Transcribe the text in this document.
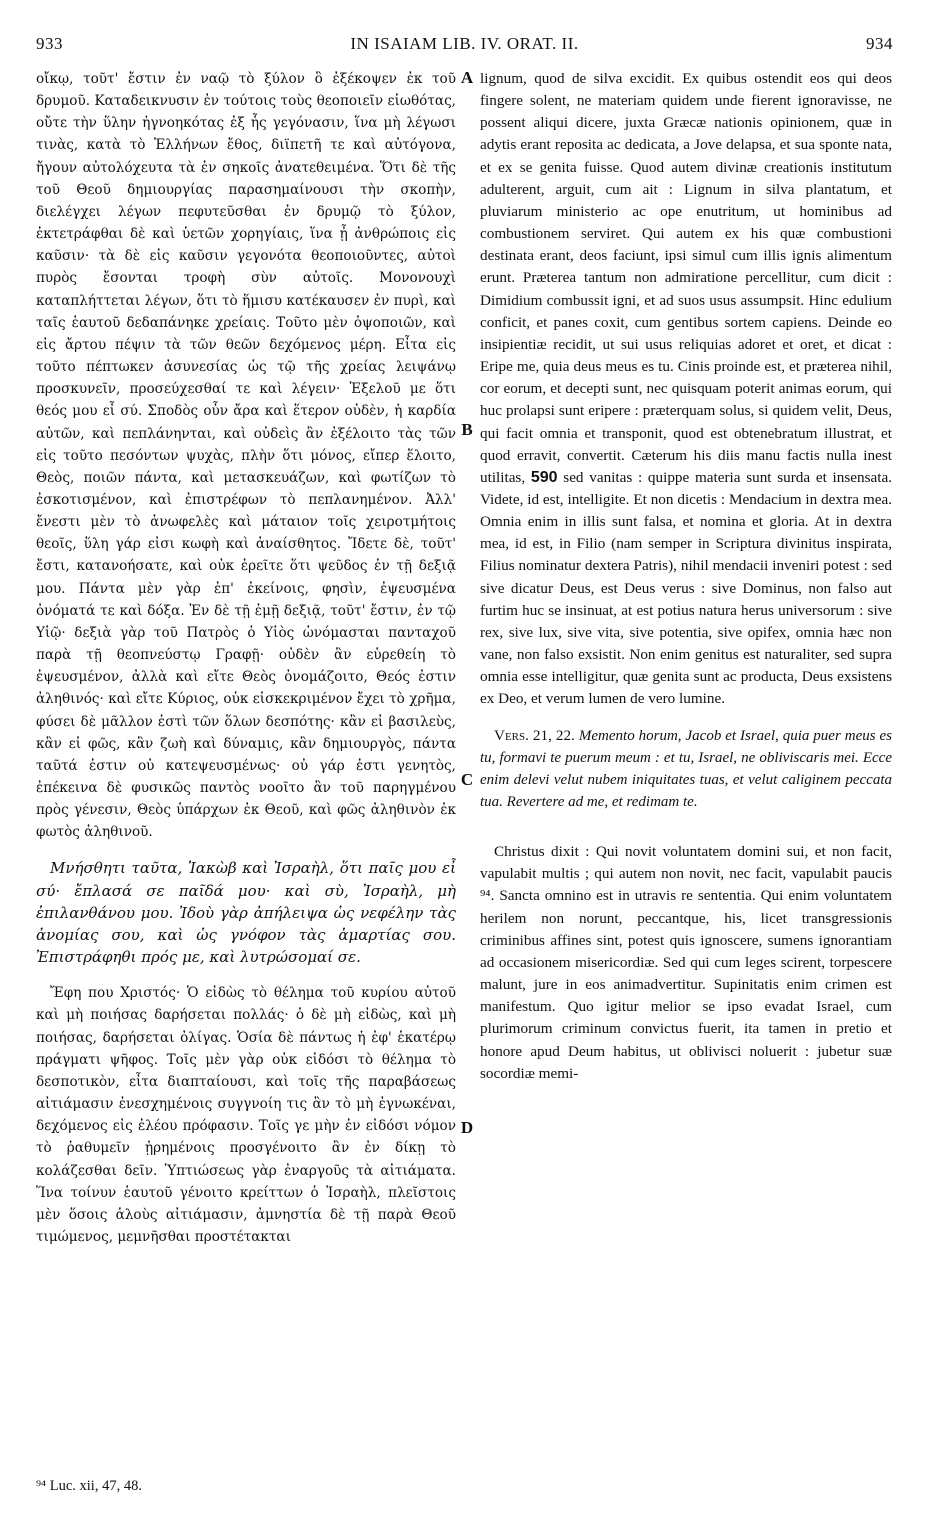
933	IN ISAIAM LIB. IV. ORAT. II.	934
A
B
C
D

οἴκῳ, τοῦτ' ἔστιν ἐν ναῷ τὸ ξύλον ὃ ἐξέκοψεν ἐκ τοῦ δρυμοῦ. Καταδεικνυσιν ἐν τούτοις τοὺς θεοποιεῖν εἰωθότας, οὔτε τὴν ὕλην ἠγνοηκότας ἐξ ἧς γεγόνασιν, ἵνα μὴ λέγωσι τινὰς, κατὰ τὸ Ἑλλήνων ἔθος, διϊπετῆ τε καὶ αὐτόγονα, ἤγουν αὐτολόχευτα τὰ ἐν σηκοῖς ἀνατεθειμένα. Ὅτι δὲ τῆς τοῦ Θεοῦ δημιουργίας παρασημαίνουσι τὴν σκοπὴν, διελέγχει λέγων πεφυτεῦσθαι ἐν δρυμῷ τὸ ξύλον, ἐκτετράφθαι δὲ καὶ ὑετῶν χορηγίαις, ἵνα ᾖ ἀνθρώποις εἰς καῦσιν· τὰ δὲ εἰς καῦσιν γεγονότα θεοποιοῦντες, αὐτοὶ πυρὸς ἔσονται τροφὴ σὺν αὐτοῖς. Μονονουχὶ καταπλήττεται λέγων, ὅτι τὸ ἥμισυ κατέκαυσεν ἐν πυρὶ, καὶ ταῖς ἑαυτοῦ δεδαπάνηκε χρείαις. Τοῦτο μὲν ὀψοποιῶν, καὶ εἰς ἄρτου πέψιν τὰ τῶν θεῶν δεχόμενος μέρη. Εἶτα εἰς τοῦτο πέπτωκεν ἀσυνεσίας ὡς τῷ τῆς χρείας λειψάνῳ προσκυνεῖν, προσεύχεσθαί τε καὶ λέγειν· Ἐξελοῦ με ὅτι θεός μου εἶ σύ. Σποδὸς οὖν ἄρα καὶ ἕτερον οὐδὲν, ἡ καρδία αὐτῶν, καὶ πεπλάνηνται, καὶ οὐδεὶς ἂν ἐξέλοιτο τὰς τῶν εἰς τοῦτο πεσόντων ψυχὰς, πλὴν ὅτι μόνος, εἴπερ ἕλοιτο, Θεὸς, ποιῶν πάντα, καὶ μετασκευάζων, καὶ φωτίζων τὸ ἐσκοτισμένον, καὶ ἐπιστρέφων τὸ πεπλανημένον. Ἀλλ' ἔνεστι μὲν τὸ ἀνωφελὲς καὶ μάταιον τοῖς χειροτμήτοις θεοῖς, ὕλη γάρ εἰσι κωφὴ καὶ ἀναίσθητος. Ἴδετε δὲ, τοῦτ' ἔστι, κατανοήσατε, καὶ οὐκ ἐρεῖτε ὅτι ψεῦδος ἐν τῇ δεξιᾷ μου. Πάντα μὲν γὰρ ἐπ' ἐκείνοις, φησὶν, ἐψευσμένα ὀνόματά τε καὶ δόξα. Ἐν δὲ τῇ ἐμῇ δεξιᾷ, τοῦτ' ἔστιν, ἐν τῷ Υἱῷ· δεξιὰ γὰρ τοῦ Πατρὸς ὁ Υἱὸς ὠνόμασται πανταχοῦ παρὰ τῇ θεοπνεύστῳ Γραφῇ· οὐδὲν ἂν εὑρεθείη τὸ ἐψευσμένον, ἀλλὰ καὶ εἴτε Θεὸς ὀνομάζοιτο, Θεός ἐστιν ἀληθινός· καὶ εἴτε Κύριος, οὐκ εἰσκεκριμένον ἔχει τὸ χρῆμα, φύσει δὲ μᾶλλον ἐστὶ τῶν ὅλων δεσπότης· κἂν εἰ βασιλεὺς, κἂν εἰ φῶς, κἂν ζωὴ καὶ δύναμις, κἂν δημιουργὸς, πάντα ταῦτά ἐστιν οὐ κατεψευσμένως· οὐ γάρ ἐστι γενητὸς, ἐπέκεινα δὲ φυσικῶς παντὸς νοοῖτο ἂν τοῦ παρηγμένου πρὸς γένεσιν, Θεὸς ὑπάρχων ἐκ Θεοῦ, καὶ φῶς ἀληθινὸν ἐκ φωτὸς ἀληθινοῦ.

Μνήσθητι ταῦτα, Ἰακὼβ καὶ Ἰσραὴλ, ὅτι παῖς μου εἶ σύ· ἔπλασά σε παῖδά μου· καὶ σὺ, Ἰσραὴλ, μὴ ἐπιλανθάνου μου. Ἰδοὺ γὰρ ἀπήλειψα ὡς νεφέλην τὰς ἀνομίας σου, καὶ ὡς γνόφον τὰς ἁμαρτίας σου. Ἐπιστράφηθι πρός με, καὶ λυτρώσομαί σε.

Ἔφη που Χριστός· Ὁ εἰδὼς τὸ θέλημα τοῦ κυρίου αὐτοῦ καὶ μὴ ποιήσας δαρήσεται πολλάς· ὁ δὲ μὴ εἰδὼς, καὶ μὴ ποιήσας, δαρήσεται ὀλίγας. Ὁσία δὲ πάντως ἡ ἐφ' ἑκατέρῳ πράγματι ψῆφος. Τοῖς μὲν γὰρ οὐκ εἰδόσι τὸ θέλημα τὸ δεσποτικὸν, εἶτα διαπταίουσι, καὶ τοῖς τῆς παραβάσεως αἰτιάμασιν ἐνεσχημένοις συγγνοίη τις ἂν τὸ μὴ ἐγνωκέναι, δεχόμενος εἰς ἐλέου πρόφασιν. Τοῖς γε μὴν ἐν εἰδόσι νόμον τὸ ῥαθυμεῖν ᾑρημένοις προσγένοιτο ἂν ἐν δίκῃ τὸ κολάζεσθαι δεῖν. Ὑπτιώσεως γὰρ ἐναργοῦς τὰ αἰτιάματα. Ἵνα τοίνυν ἑαυτοῦ γένοιτο κρείττων ὁ Ἰσραὴλ, πλεῖστοις μὲν ὅσοις ἁλοὺς αἰτιάμασιν, ἀμνηστία δὲ τῇ παρὰ Θεοῦ τιμώμενος, μεμνῆσθαι προστέτακται

lignum, quod de silva excidit. Ex quibus ostendit eos qui deos fingere solent, ne materiam quidem unde fierent ignoravisse, ne possent aliqui dicere, juxta Græcæ nationis opinionem, quæ in adytis erant reposita ac dedicata, a Jove delapsa, et sua sponte nata, et ex se genita fuisse. Quod autem divinæ creationis institutum adulterent, arguit, cum ait : Lignum in silva plantatum, et pluviarum ministerio ac ope enutritum, ut hominibus ad combustionem serviret. Qui autem ex his quæ combustioni destinata erant, deos faciunt, ipsi simul cum illis ignis alimentum erunt. Præterea tantum non admiratione percellitur, cum dicit : Dimidium combussit igni, et ad suos usus assumpsit. Hinc edulium conficit, et panes coxit, cum gentibus sortem capiens. Deinde eo insipientiæ recidit, ut sui usus reliquias adoret et oret, et dicat : Eripe me, quia deus meus es tu. Cinis proinde est, et præterea nihil, cor eorum, et decepti sunt, nec quisquam poterit animas eorum, qui huc prolapsi sunt eripere : præterquam solus, si quidem velit, Deus, qui facit omnia et transponit, quod est obtenebratum illustrat, et quod erravit, convertit. Cæterum his diis manu factis nulla inest utilitas, 590 sed vanitas : quippe materia sunt surda et insensata. Videte, id est, intelligite. Et non dicetis : Mendacium in dextra mea. Omnia enim in illis sunt falsa, et nomina et gloria. At in dextra mea, id est, in Filio (nam semper in Scriptura divinitus inspirata, Filius nominatur dextera Patris), nihil mendacii inveniri potest : sed sive dicatur Deus, est Deus verus : sive Dominus, non falso aut furtim huc se insinuat, at est potius natura herus universorum : sive rex, sive lux, sive vita, sive potentia, sive opifex, omnia hæc non vane, non falso exsistit. Non enim genitus est naturaliter, sed supra omnia esse intelligitur, quæ genita sunt ac producta, Deus exsistens ex Deo, et verum lumen de vero lumine.

Vers. 21, 22. Memento horum, Jacob et Israel, quia puer meus es tu, formavi te puerum meum : et tu, Israel, ne obliviscaris mei. Ecce enim delevi velut nubem iniquitates tuas, et velut caliginem peccata tua. Revertere ad me, et redimam te.

Christus dixit : Qui novit voluntatem domini sui, et non facit, vapulabit multis ; qui autem non novit, nec facit, vapulabit paucis ⁹⁴. Sancta omnino est in utravis re sententia. Qui enim voluntatem herilem non norunt, peccantque, his, licet transgressionis criminibus affines sint, potest quis ignoscere, sumens ignorantiam ad occasionem misericordiæ. Sed qui cum leges scirent, torpescere malunt, jure in eos animadvertitur. Supinitatis enim crimen est manifestum. Quo igitur melior se ipso evadat Israel, cum plurimorum criminum convictus fuerit, ita tamen in pretio et honore apud Deum habitus, ut oblivisci noluerit : jubetur suæ socordiæ memi-

⁹⁴ Luc. xii, 47, 48.
